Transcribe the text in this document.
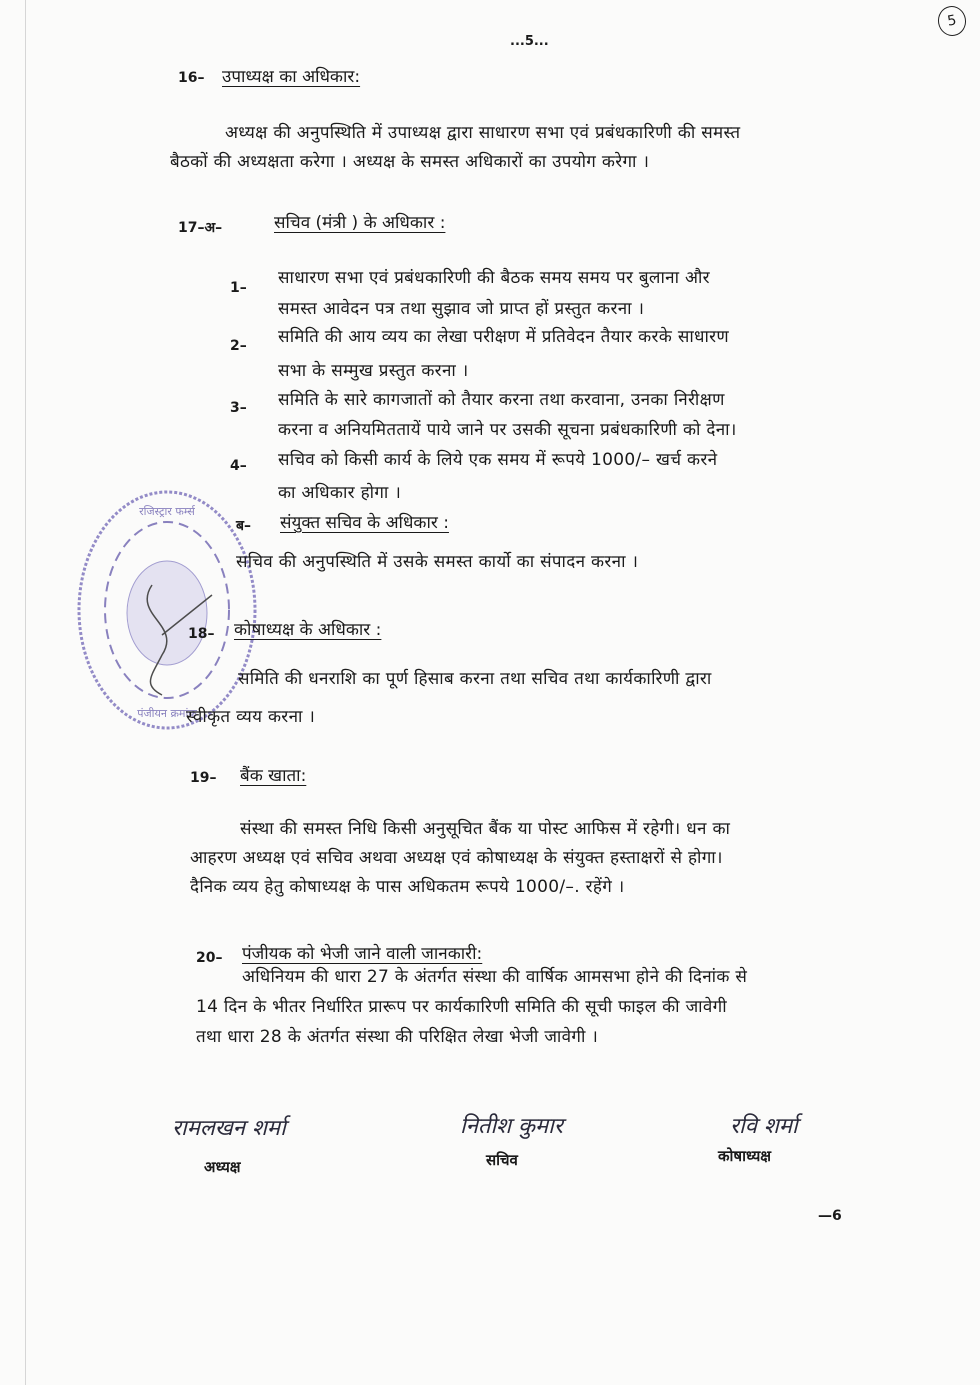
...5...
5
16– उपाध्यक्ष का अधिकार:
अध्यक्ष की अनुपस्थिति में उपाध्यक्ष द्वारा साधारण सभा एवं प्रबंधकारिणी की समस्त
बैठकों की अध्यक्षता करेगा । अध्यक्ष के समस्त अधिकारों का उपयोग करेगा ।
17–अ–	सचिव (मंत्री ) के अधिकार :
1– साधारण सभा एवं प्रबंधकारिणी की बैठक समय समय पर बुलाना और
समस्त आवेदन पत्र तथा सुझाव जो प्राप्त हों प्रस्तुत करना ।
2– समिति की आय व्यय का लेखा परीक्षण में प्रतिवेदन तैयार करके साधारण
सभा के सम्मुख प्रस्तुत करना ।
3– समिति के सारे कागजातों को तैयार करना तथा करवाना, उनका निरीक्षण
करना व अनियमिततायें पाये जाने पर उसकी सूचना प्रबंधकारिणी को देना।
4– सचिव को किसी कार्य के लिये एक समय में रूपये 1000/– खर्च करने
का अधिकार होगा ।
रजिस्ट्रार फर्म्स
पंजीयन क्रमांक
ब– संयुक्त सचिव के अधिकार :
सचिव की अनुपस्थिति में उसके समस्त कार्यो का संपादन करना ।
18– कोषाध्यक्ष के अधिकार :
समिति की धनराशि का पूर्ण हिसाब करना तथा सचिव तथा कार्यकारिणी द्वारा
स्वीकृत व्यय करना ।
19– बैंक खाता:
संस्था की समस्त निधि किसी अनुसूचित बैंक या पोस्ट आफिस में रहेगी। धन का
आहरण अध्यक्ष एवं सचिव अथवा अध्यक्ष एवं कोषाध्यक्ष के संयुक्त हस्ताक्षरों से होगा।
दैनिक व्यय हेतु कोषाध्यक्ष के पास अधिकतम रूपये 1000/–. रहेंगे ।
20– पंजीयक को भेजी जाने वाली जानकारी:
अधिनियम की धारा 27 के अंतर्गत संस्था की वार्षिक आमसभा होने की दिनांक से
14 दिन के भीतर निर्धारित प्रारूप पर कार्यकारिणी समिति की सूची फाइल की जावेगी
तथा धारा 28 के अंतर्गत संस्था की परिक्षित लेखा भेजी जावेगी ।
रामलखन शर्मा
अध्यक्ष
नितीश कुमार
सचिव
रवि शर्मा
कोषाध्यक्ष
—6
